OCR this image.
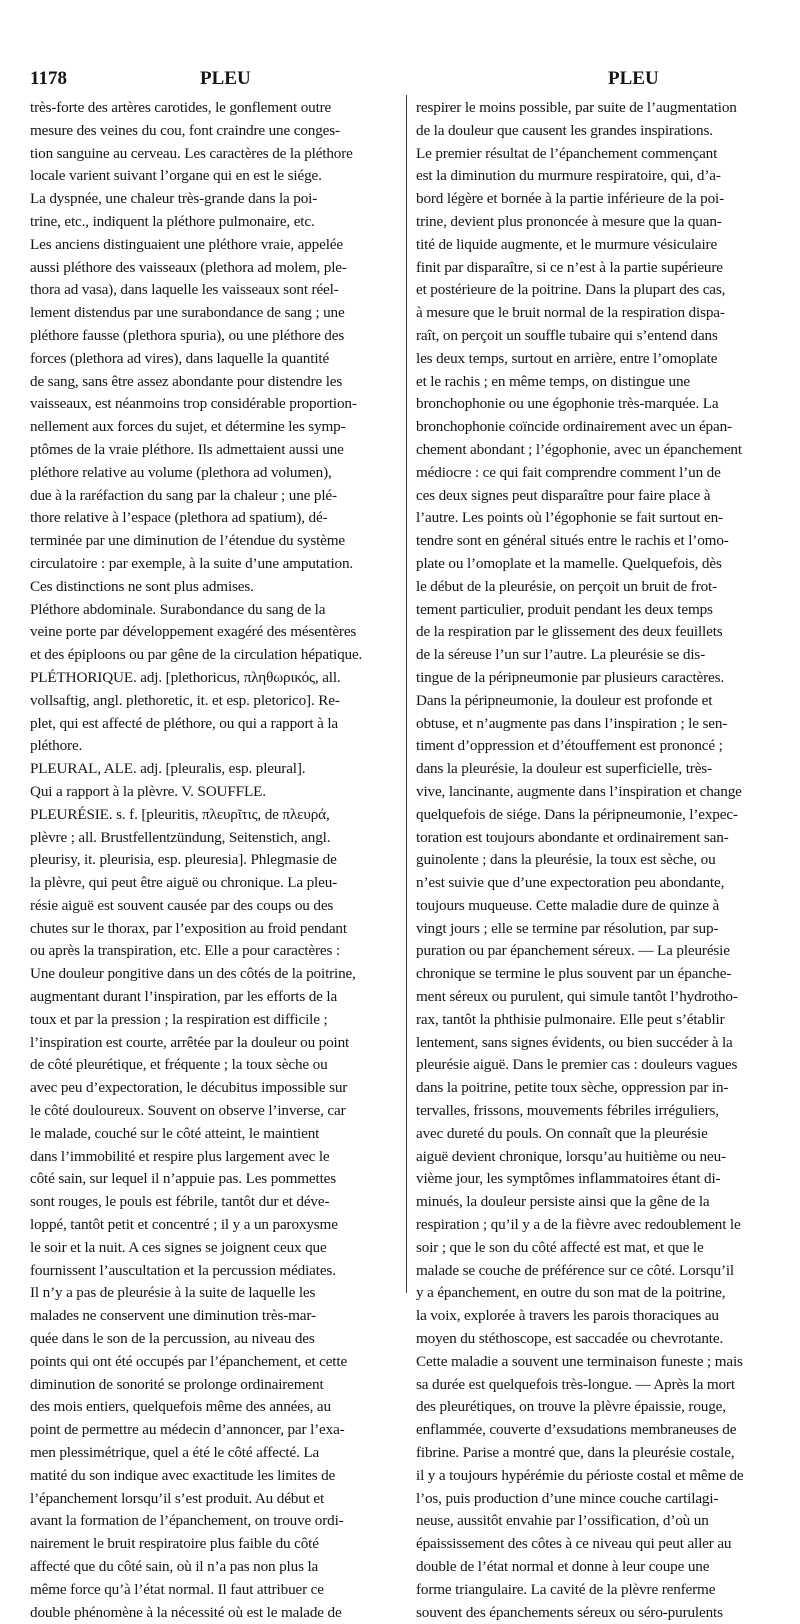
1178	PLEU	PLEU
très-forte des artères carotides, le gonflement outre
mesure des veines du cou, font craindre une conges-
tion sanguine au cerveau. Les caractères de la pléthore
locale varient suivant l’organe qui en est le siége.
La dyspnée, une chaleur très-grande dans la poi-
trine, etc., indiquent la pléthore pulmonaire, etc.
Les anciens distinguaient une pléthore vraie, appelée
aussi pléthore des vaisseaux (plethora ad molem, ple-
thora ad vasa), dans laquelle les vaisseaux sont réel-
lement distendus par une surabondance de sang ; une
pléthore fausse (plethora spuria), ou une pléthore des
forces (plethora ad vires), dans laquelle la quantité
de sang, sans être assez abondante pour distendre les
vaisseaux, est néanmoins trop considérable proportion-
nellement aux forces du sujet, et détermine les symp-
ptômes de la vraie pléthore. Ils admettaient aussi une
pléthore relative au volume (plethora ad volumen),
due à la raréfaction du sang par la chaleur ; une plé-
thore relative à l’espace (plethora ad spatium), dé-
terminée par une diminution de l’étendue du système
circulatoire : par exemple, à la suite d’une amputation.
Ces distinctions ne sont plus admises.
Pléthore abdominale. Surabondance du sang de la
veine porte par développement exagéré des mésentères
et des épiploons ou par gêne de la circulation hépatique.
PLÉTHORIQUE. adj. [plethoricus, πληθωρικός, all.
vollsaftig, angl. plethoretic, it. et esp. pletorico]. Re-
plet, qui est affecté de pléthore, ou qui a rapport à la
pléthore.
PLEURAL, ALE. adj. [pleuralis, esp. pleural].
Qui a rapport à la plèvre. V. SOUFFLE.
PLEURÉSIE. s. f. [pleuritis, πλευρῖτις, de πλευρά,
plèvre ; all. Brustfellentzündung, Seitenstich, angl.
pleurisy, it. pleurisia, esp. pleuresia]. Phlegmasie de
la plèvre, qui peut être aiguë ou chronique. La pleu-
résie aiguë est souvent causée par des coups ou des
chutes sur le thorax, par l’exposition au froid pendant
ou après la transpiration, etc. Elle a pour caractères :
Une douleur pongitive dans un des côtés de la poitrine,
augmentant durant l’inspiration, par les efforts de la
toux et par la pression ; la respiration est difficile ;
l’inspiration est courte, arrêtée par la douleur ou point
de côté pleurétique, et fréquente ; la toux sèche ou
avec peu d’expectoration, le décubitus impossible sur
le côté douloureux. Souvent on observe l’inverse, car
le malade, couché sur le côté atteint, le maintient
dans l’immobilité et respire plus largement avec le
côté sain, sur lequel il n’appuie pas. Les pommettes
sont rouges, le pouls est fébrile, tantôt dur et déve-
loppé, tantôt petit et concentré ; il y a un paroxysme
le soir et la nuit. A ces signes se joignent ceux que
fournissent l’auscultation et la percussion médiates.
Il n’y a pas de pleurésie à la suite de laquelle les
malades ne conservent une diminution très-mar-
quée dans le son de la percussion, au niveau des
points qui ont été occupés par l’épanchement, et cette
diminution de sonorité se prolonge ordinairement
des mois entiers, quelquefois même des années, au
point de permettre au médecin d’annoncer, par l’exa-
men plessimétrique, quel a été le côté affecté. La
matité du son indique avec exactitude les limites de
l’épanchement lorsqu’il s’est produit. Au début et
avant la formation de l’épanchement, on trouve ordi-
nairement le bruit respiratoire plus faible du côté
affecté que du côté sain, où il n’a pas non plus la
même force qu’à l’état normal. Il faut attribuer ce
double phénomène à la nécessité où est le malade de
respirer le moins possible, par suite de l’augmentation
de la douleur que causent les grandes inspirations.
Le premier résultat de l’épanchement commençant
est la diminution du murmure respiratoire, qui, d’a-
bord légère et bornée à la partie inférieure de la poi-
trine, devient plus prononcée à mesure que la quan-
tité de liquide augmente, et le murmure vésiculaire
finit par disparaître, si ce n’est à la partie supérieure
et postérieure de la poitrine. Dans la plupart des cas,
à mesure que le bruit normal de la respiration dispa-
raît, on perçoit un souffle tubaire qui s’entend dans
les deux temps, surtout en arrière, entre l’omoplate
et le rachis ; en même temps, on distingue une
bronchophonie ou une égophonie très-marquée. La
bronchophonie coïncide ordinairement avec un épan-
chement abondant ; l’égophonie, avec un épanchement
médiocre : ce qui fait comprendre comment l’un de
ces deux signes peut disparaître pour faire place à
l’autre. Les points où l’égophonie se fait surtout en-
tendre sont en général situés entre le rachis et l’omo-
plate ou l’omoplate et la mamelle. Quelquefois, dès
le début de la pleurésie, on perçoit un bruit de frot-
tement particulier, produit pendant les deux temps
de la respiration par le glissement des deux feuillets
de la séreuse l’un sur l’autre. La pleurésie se dis-
tingue de la péripneumonie par plusieurs caractères.
Dans la péripneumonie, la douleur est profonde et
obtuse, et n’augmente pas dans l’inspiration ; le sen-
timent d’oppression et d’étouffement est prononcé ;
dans la pleurésie, la douleur est superficielle, très-
vive, lancinante, augmente dans l’inspiration et change
quelquefois de siége. Dans la péripneumonie, l’expec-
toration est toujours abondante et ordinairement san-
guinolente ; dans la pleurésie, la toux est sèche, ou
n’est suivie que d’une expectoration peu abondante,
toujours muqueuse. Cette maladie dure de quinze à
vingt jours ; elle se termine par résolution, par sup-
puration ou par épanchement séreux. — La pleurésie
chronique se termine le plus souvent par un épanche-
ment séreux ou purulent, qui simule tantôt l’hydrotho-
rax, tantôt la phthisie pulmonaire. Elle peut s’établir
lentement, sans signes évidents, ou bien succéder à la
pleurésie aiguë. Dans le premier cas : douleurs vagues
dans la poitrine, petite toux sèche, oppression par in-
tervalles, frissons, mouvements fébriles irréguliers,
avec dureté du pouls. On connaît que la pleurésie
aiguë devient chronique, lorsqu’au huitième ou neu-
vième jour, les symptômes inflammatoires étant di-
minués, la douleur persiste ainsi que la gêne de la
respiration ; qu’il y a de la fièvre avec redoublement le
soir ; que le son du côté affecté est mat, et que le
malade se couche de préférence sur ce côté. Lorsqu’il
y a épanchement, en outre du son mat de la poitrine,
la voix, explorée à travers les parois thoraciques au
moyen du stéthoscope, est saccadée ou chevrotante.
Cette maladie a souvent une terminaison funeste ; mais
sa durée est quelquefois très-longue. — Après la mort
des pleurétiques, on trouve la plèvre épaissie, rouge,
enflammée, couverte d’exsudations membraneuses de
fibrine. Parise a montré que, dans la pleurésie costale,
il y a toujours hypérémie du périoste costal et même de
l’os, puis production d’une mince couche cartilagi-
neuse, aussitôt envahie par l’ossification, d’où un
épaississement des côtes à ce niveau qui peut aller au
double de l’état normal et donne à leur coupe une
forme triangulaire. La cavité de la plèvre renferme
souvent des épanchements séreux ou séro-purulents
